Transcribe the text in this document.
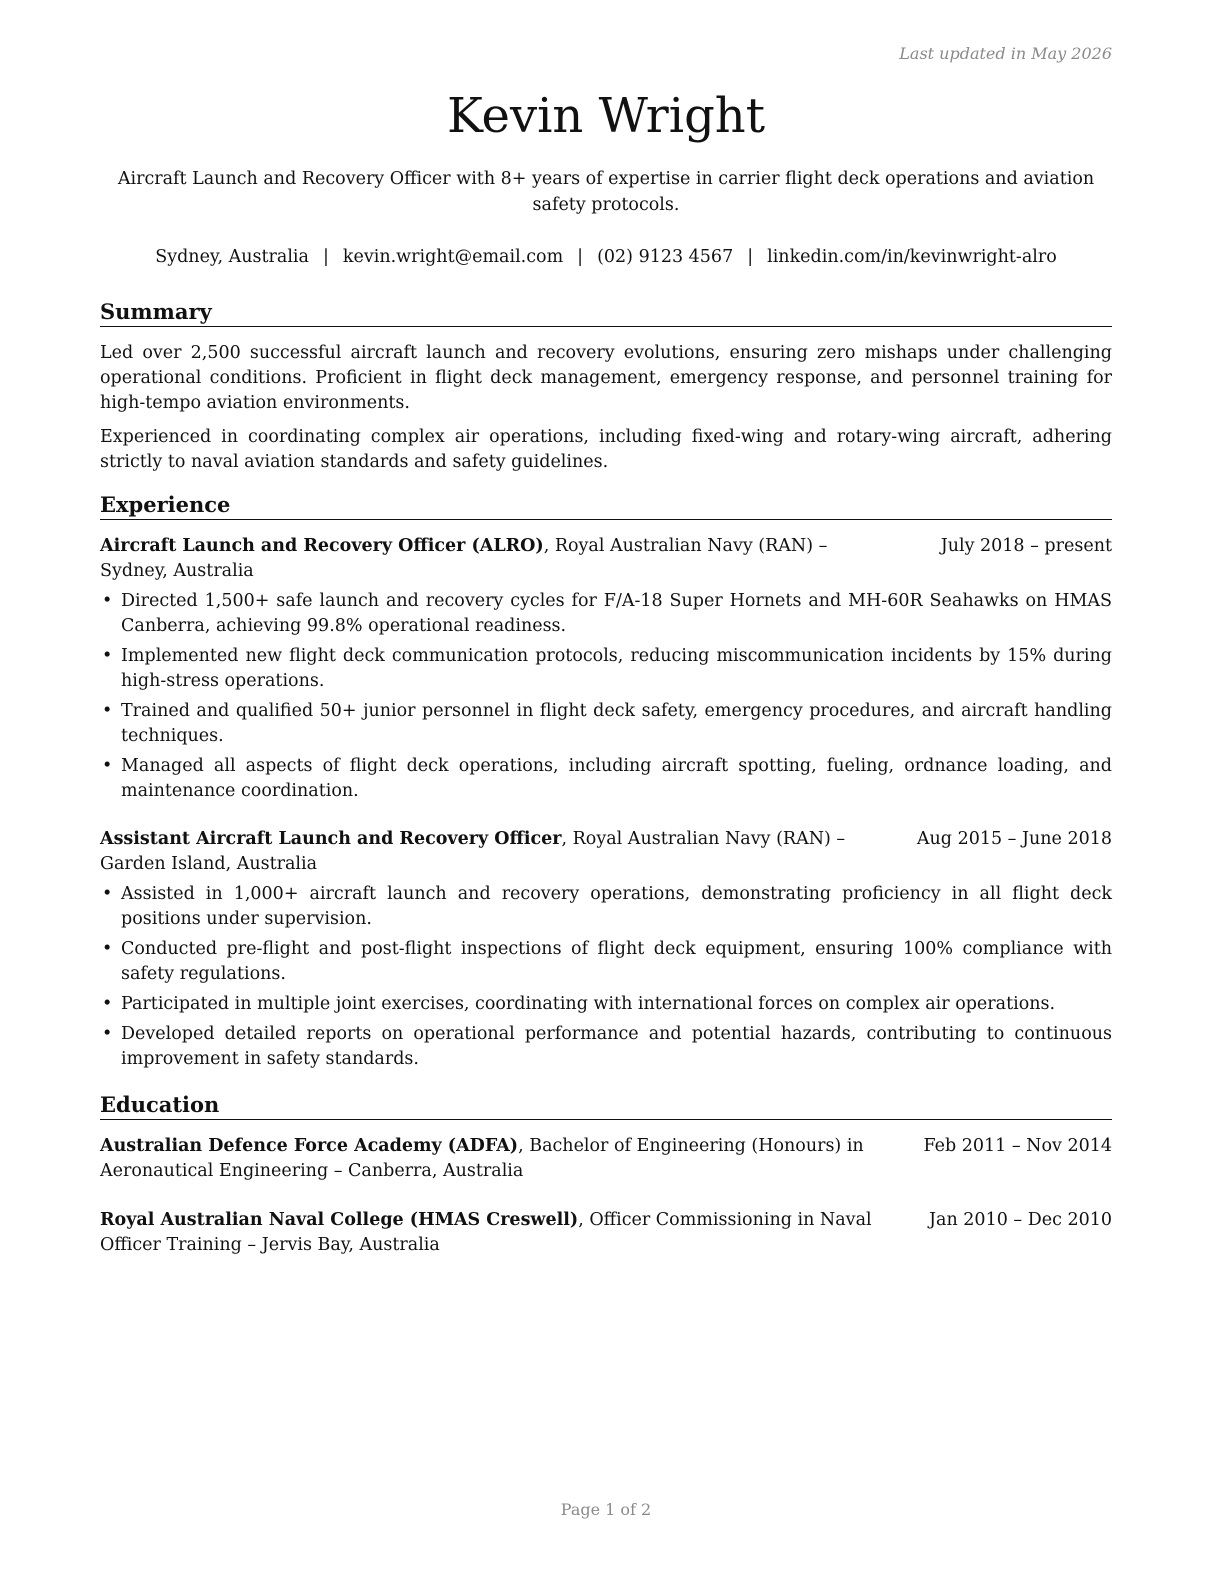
Last updated in May 2026
Kevin Wright

Aircraft Launch and Recovery Officer with 8+ years of expertise in carrier flight deck operations and aviation safety protocols.

Sydney, Australia | kevin.wright@email.com | (02) 9123 4567 | linkedin.com/in/kevinwright-alro
Summary

Led over 2,500 successful aircraft launch and recovery evolutions, ensuring zero mishaps under challenging operational conditions. Proficient in flight deck management, emergency response, and personnel training for high-tempo aviation environments.

Experienced in coordinating complex air operations, including fixed-wing and rotary-wing aircraft, adhering strictly to naval aviation standards and safety guidelines.

Experience
Aircraft Launch and Recovery Officer (ALRO), Royal Australian Navy (RAN) – Sydney, Australia
July 2018 – present
• Directed 1,500+ safe launch and recovery cycles for F/A-18 Super Hornets and MH-60R Seahawks on HMAS Canberra, achieving 99.8% operational readiness.
• Implemented new flight deck communication protocols, reducing miscommunication incidents by 15% during high-stress operations.
• Trained and qualified 50+ junior personnel in flight deck safety, emergency procedures, and aircraft handling techniques.
• Managed all aspects of flight deck operations, including aircraft spotting, fueling, ordnance loading, and maintenance coordination.
Assistant Aircraft Launch and Recovery Officer, Royal Australian Navy (RAN) – Garden Island, Australia
Aug 2015 – June 2018
• Assisted in 1,000+ aircraft launch and recovery operations, demonstrating proficiency in all flight deck positions under supervision.
• Conducted pre-flight and post-flight inspections of flight deck equipment, ensuring 100% compliance with safety regulations.
• Participated in multiple joint exercises, coordinating with international forces on complex air operations.
• Developed detailed reports on operational performance and potential hazards, contributing to continuous improvement in safety standards.
Education
Australian Defence Force Academy (ADFA), Bachelor of Engineering (Honours) in Aeronautical Engineering – Canberra, Australia
Feb 2011 – Nov 2014
Royal Australian Naval College (HMAS Creswell), Officer Commissioning in Naval Officer Training – Jervis Bay, Australia
Jan 2010 – Dec 2010
Page 1 of 2
